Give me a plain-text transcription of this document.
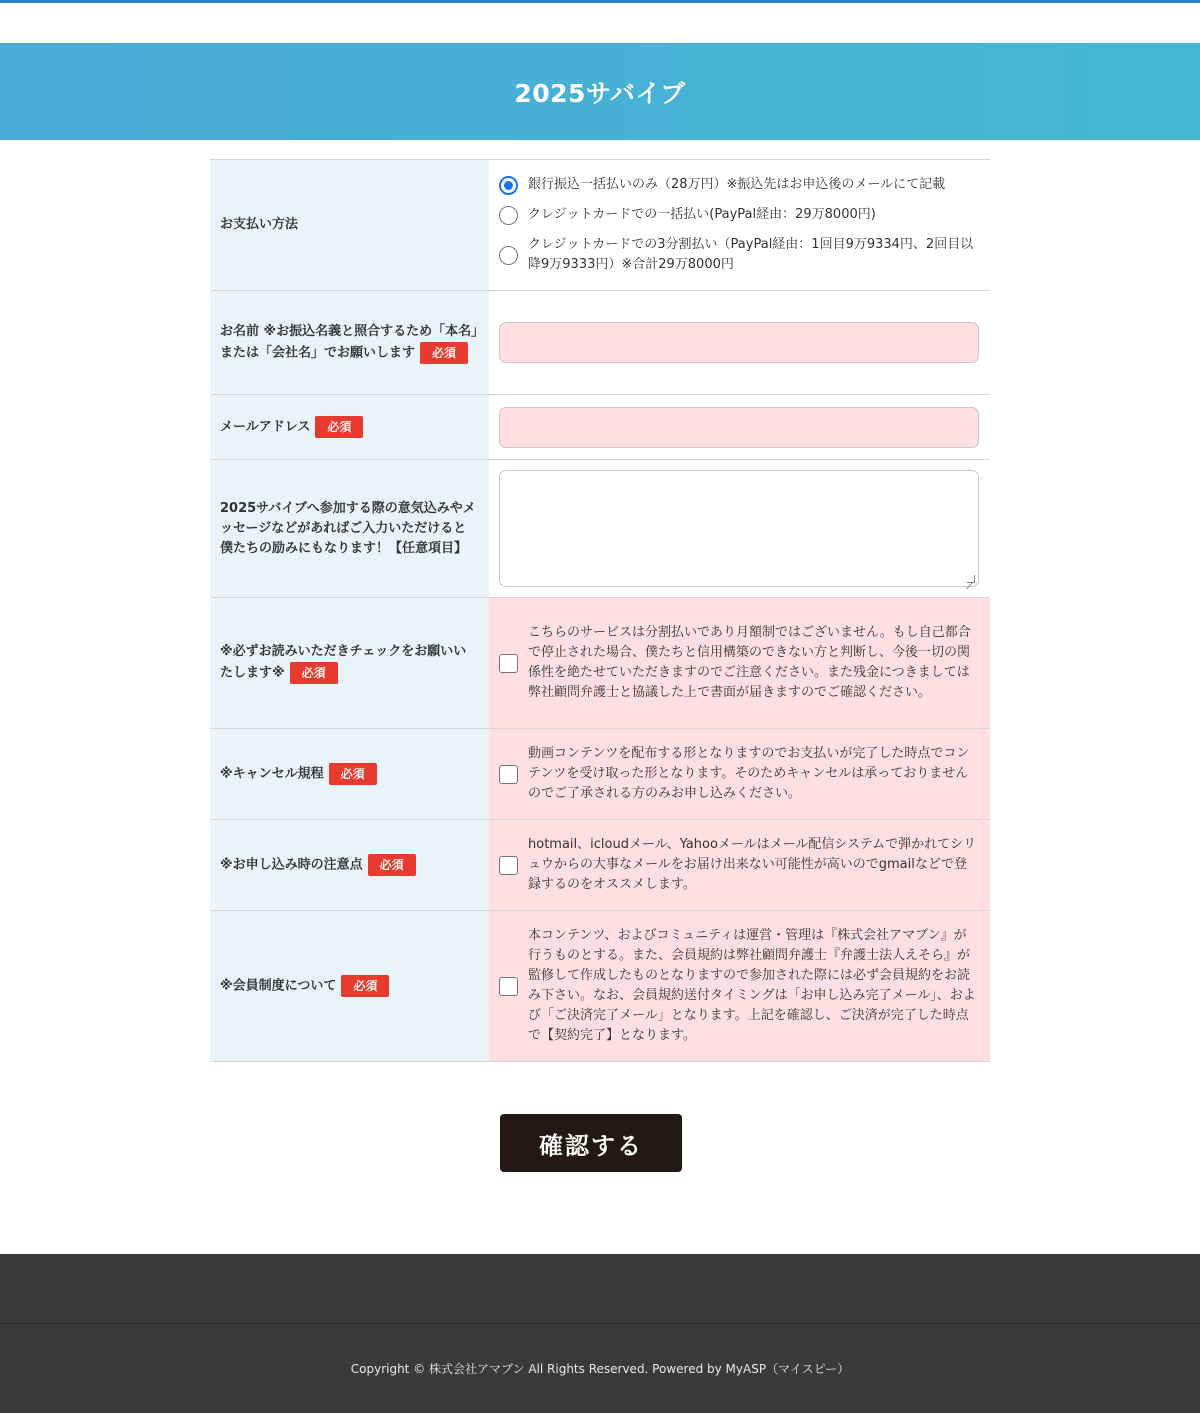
2025サバイブ
お支払い方法
銀行振込一括払いのみ（28万円）※振込先はお申込後のメールにて記載
クレジットカードでの一括払い(PayPal経由：29万8000円)
クレジットカードでの3分割払い（PayPal経由：1回目9万9334円、2回目以降9万9333円）※合計29万8000円
お名前 ※お振込名義と照合するため「本名」または「会社名」でお願いします 必須
メールアドレス 必須
2025サバイブへ参加する際の意気込みやメッセージなどがあればご入力いただけると僕たちの励みにもなります！【任意項目】
※必ずお読みいただきチェックをお願いいたします※ 必須
こちらのサービスは分割払いであり月額制ではございません。もし自己都合で停止された場合、僕たちと信用構築のできない方と判断し、今後一切の関係性を絶たせていただきますのでご注意ください。また残金につきましては弊社顧問弁護士と協議した上で書面が届きますのでご確認ください。
※キャンセル規程 必須
動画コンテンツを配布する形となりますのでお支払いが完了した時点でコンテンツを受け取った形となります。そのためキャンセルは承っておりませんのでご了承される方のみお申し込みください。
※お申し込み時の注意点 必須
hotmail、icloudメール、Yahooメールはメール配信システムで弾かれてシリュウからの大事なメールをお届け出来ない可能性が高いのでgmailなどで登録するのをオススメします。
※会員制度について 必須
本コンテンツ、およびコミュニティは運営・管理は『株式会社アマブン』が行うものとする。また、会員規約は弊社顧問弁護士『弁護士法人えそら』が監修して作成したものとなりますので参加された際には必ず会員規約をお読み下さい。なお、会員規約送付タイミングは「お申し込み完了メール」、および「ご決済完了メール」となります。上記を確認し、ご決済が完了した時点で【契約完了】となります。
確認する
Copyright © 株式会社アマブン All Rights Reserved. Powered by MyASP（マイスピー）
